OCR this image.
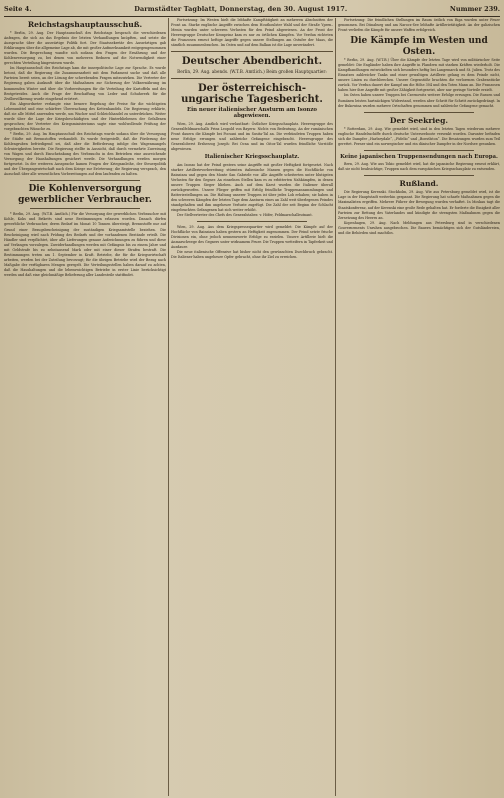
Seite 4.	Darmstädter Tagblatt, Donnerstag, den 30. August 1917.	Nummer 239.
Reichstagshauptausschuß.

* Berlin, 29. Aug. Der Hauptausschuß des Reichstags besprach die verschiedenen Anfragen, die sich an das Ergebnis der letzten Verhandlungen knüpften, und setzte die Aussprache über die auswärtige Politik fort. Der Staatssekretär des Auswärtigen gab Erklärungen über die allgemeine Lage ab, die mit großer Aufmerksamkeit entgegengenommen wurden. Die Besprechung wandte sich sodann den Fragen der Ernährung und der Kohlenversorgung zu, bei denen von mehreren Rednern auf die Notwendigkeit einer gerechten Verteilung hingewiesen wurde.

Im Hauptausschuß des Reichstags kam die innerpolitische Lage zur Sprache. Es wurde betont, daß die Regierung die Zusammenarbeit mit dem Parlament suche und daß alle Parteien bereit seien, an der Lösung der schwebenden Fragen mitzuwirken. Die Vertreter der Regierung gaben Auskunft über die Maßnahmen zur Sicherung der Volksernährung im kommenden Winter und über die Vorbereitungen für die Verteilung der Kartoffeln und des Brotgetreides. Auch die Frage der Beschaffung von Leder und Schuhwerk für die Zivilbevölkerung wurde eingehend erörtert.

Ein Abgeordneter verlangte eine bessere Regelung der Preise für die wichtigsten Lebensmittel und eine schärfere Überwachung des Kettenhandels. Die Regierung erklärte, daß sie alle Mittel anwenden werde, um Wucher und Schleichhandel zu unterdrücken. Weiter wurde über die Lage der Kriegsbeschädigten und der Hinterbliebenen der Gefallenen gesprochen; der Vertreter des Kriegsministeriums sagte eine wohlwollende Prüfung der vorgebrachten Wünsche zu.

* Berlin, 29. Aug. Im Hauptausschuß des Reichstags wurde sodann über die Versorgung der Städte mit Brennstoffen verhandelt. Es wurde festgestellt, daß die Förderung der Kohlengruben befriedigend sei, daß aber die Beförderung infolge des Wagenmangels Schwierigkeiten bereite. Die Regierung stellte in Aussicht, daß durch vermehrte Zuweisung von Wagen und durch Einschränkung des Verbrauchs in den Betrieben eine ausreichende Versorgung der Haushaltungen gesichert werde. Die Verhandlungen werden morgen fortgesetzt. In der weiteren Aussprache kamen Fragen der Kriegsanleihe, der Steuerpolitik und der Übergangswirtschaft nach dem Kriege zur Erörterung; die Regierung versprach, den Ausschuß über alle wesentlichen Vorbereitungen auf dem laufenden zu halten.

Die Kohlenversorgung gewerblicher Verbraucher.

* Berlin, 29. Aug. (W.T.B. Amtlich.) Für die Versorgung der gewerblichen Verbraucher mit Kohle, Koks und Briketts sind neue Bestimmungen erlassen worden. Danach dürfen gewerbliche Verbraucher, deren Bedarf im Monat 10 Tonnen übersteigt, Brennstoffe nur auf Grund einer Bezugsbescheinigung der zuständigen Kriegsamtstelle beziehen. Die Bescheinigung wird nach Prüfung des Bedarfs und der vorhandenen Bestände erteilt. Die Händler sind verpflichtet, über alle Lieferungen genaue Aufzeichnungen zu führen und diese auf Verlangen vorzulegen. Zuwiderhandlungen werden mit Gefängnis bis zu einem Jahre und mit Geldstrafe bis zu zehntausend Mark oder mit einer dieser Strafen bestraft. Die Bestimmungen treten am 1. September in Kraft. Betriebe, die für die Kriegswirtschaft arbeiten, werden bei der Zuteilung bevorzugt; für die übrigen Betriebe wird der Bezug nach Maßgabe der verfügbaren Mengen geregelt. Die Verteilungsstellen haben darauf zu achten, daß die Haushaltungen und die lebenswichtigen Betriebe in erster Linie berücksichtigt werden und daß eine gleichmäßige Belieferung aller Landesteile stattfindet.

Fortsetzung: Im Westen hielt die lebhafte Kampftätigkeit an mehreren Abschnitten der Front an. Starke englische Angriffe zwischen dem Houthoulster Wald und der Straße Ypern–Menin wurden unter schweren Verlusten für den Feind abgewiesen. An der Front der Heeresgruppe Deutscher Kronprinz kam es nur zu örtlichen Kämpfen. Vor Verdun richteten die Franzosen erneut heftige Angriffe gegen unsere Stellungen am Ostufer der Maas, die sämtlich zusammenbrachen. Im Osten und auf dem Balkan ist die Lage unverändert.

Deutscher Abendbericht.
Berlin, 29. Aug. abends. (W.T.B. Amtlich.) Beim großen Hauptquartier:
Der österreichisch-ungarische Tagesbericht.
Ein neuer italienischer Ansturm am Isonzo abgewiesen.

Wien, 29. Aug. Amtlich wird verlautbart: Östlicher Kriegsschauplatz. Heeresgruppe des Generalfeldmarschalls Prinz Leopold von Bayern: Nichts von Bedeutung. An der rumänischen Front dauern die Kämpfe bei Focsani und im Susita-Tal an. Die verbündeten Truppen haben neue Erfolge errungen und zahlreiche Gefangene eingebracht. Heeresgruppe des Generaloberst Erzherzog Joseph: Bei Ocna und im Oitoz-Tal wurden feindliche Vorstöße abgewiesen.

Italienischer Kriegsschauplatz.

Am Isonzo hat der Feind gestern seine Angriffe mit großer Heftigkeit fortgesetzt. Nach starker Artillerievorbereitung stürmten italienische Massen gegen die Hochfläche von Bainsizza und gegen den Monte San Gabriele vor. Alle Angriffe scheiterten unter blutigsten Verlusten für den Gegner. An einzelnen Stellen kam es zu erbitterten Nahkämpfen, in denen unsere Truppen Sieger blieben. Auch auf dem Karst wurden die Italiener überall zurückgeworfen. Unsere Flieger griffen mit Erfolg feindliche Truppenansammlungen und Batteriestellungen an. Die Haltung unserer Truppen ist über jedes Lob erhaben; sie haben in den schweren Kämpfen der letzten Tage dem Ansturm eines an Zahl weit überlegenen Feindes standgehalten und ihm ungeheure Verluste zugefügt. Die Zahl der seit Beginn der Schlacht eingebrachten Gefangenen hat sich weiter erhöht.

Der Stellvertreter des Chefs des Generalstabes: v. Höfer, Feldmarschalleutnant.

Wien, 29. Aug. Aus dem Kriegspressequartier wird gemeldet: Die Kämpfe auf der Hochfläche von Bainsizza haben gestern an Heftigkeit zugenommen. Der Feind setzte frische Divisionen ein, ohne jedoch nennenswerte Erfolge zu erzielen. Unsere Artillerie hielt die Anmarschwege des Gegners unter wirksamem Feuer. Die Truppen wetteifern in Tapferkeit und Ausdauer.

Die neue italienische Offensive hat bisher nicht den gewünschten Durchbruch gebracht. Die Italiener haben ungeheure Opfer gebracht, ohne ihr Ziel zu erreichen.

Fortsetzung: Die feindlichen Stellungen im Raum östlich von Riga wurden unter Feuer genommen. Bei Dünaburg und am Narocz-See lebhafte Artillerietätigkeit. An der galizischen Front verliefen die Kämpfe für unsere Waffen erfolgreich.

Die Kämpfe im Westen und Osten.

* Berlin, 29. Aug. (W.T.B.) Über die Kämpfe der letzten Tage wird von militärischer Seite gemeldet: Die Engländer haben ihre Angriffe in Flandern mit starken Kräften wiederholt. Die Kampfhandlungen entwickelten sich besonders heftig bei Langemarck und St. Julien. Trotz des Einsatzes zahlreicher Tanks und einer gewaltigen Artillerie gelang es dem Feinde nicht, unsere Linien zu durchbrechen. Unsere Gegenstöße brachten die verlorenen Grabenstücke zurück. Vor Verdun dauert der Kampf um die Höhe 304 und den Toten Mann an. Die Franzosen haben hier ihre Angriffe mit großer Zähigkeit fortgesetzt, aber nur geringe Vorteile erzielt.

Im Osten haben unsere Truppen bei Czernowitz weitere Erfolge errungen. Die Russen und Rumänen leisten hartnäckigen Widerstand, werden aber Schritt für Schritt zurückgedrängt. In der Bukowina wurden mehrere Ortschaften genommen und zahlreiche Gefangene gemacht.

Der Seekrieg.

* Rotterdam, 29. Aug. Wie gemeldet wird, sind in den letzten Tagen wiederum mehrere englische Handelsschiffe durch deutsche Unterseeboote versenkt worden. Darunter befinden sich die Dampfer „Harlseydale“, „Fidelio“ und „Bonvilston“. Die Besatzungen wurden zum Teil gerettet. Ferner sind ein norwegischer und ein dänischer Dampfer in der Nordsee gesunken.

Keine japanischen Truppensendungen nach Europa.

Bern, 29. Aug. Wie aus Tokio gemeldet wird, hat die japanische Regierung erneut erklärt, daß sie nicht beabsichtige, Truppen nach dem europäischen Kriegsschauplatz zu entsenden.

Rußland.

Die Regierung Kerenski. Stockholm, 29. Aug. Wie aus Petersburg gemeldet wird, ist die Lage in der Hauptstadt weiterhin gespannt. Die Regierung hat scharfe Maßnahmen gegen die Maximalisten ergriffen. Mehrere Führer der Bewegung wurden verhaftet. In Moskau tagt die Staatskonferenz, auf der Kerenski eine große Rede gehalten hat. Er forderte die Einigkeit aller Parteien zur Rettung des Vaterlandes und kündigte die strengsten Maßnahmen gegen die Zersetzung des Heeres an.

Kopenhagen, 29. Aug. Nach Meldungen aus Petersburg sind in verschiedenen Gouvernements Unruhen ausgebrochen. Die Bauern bemächtigen sich der Gutsländereien, und die Behörden sind machtlos.
